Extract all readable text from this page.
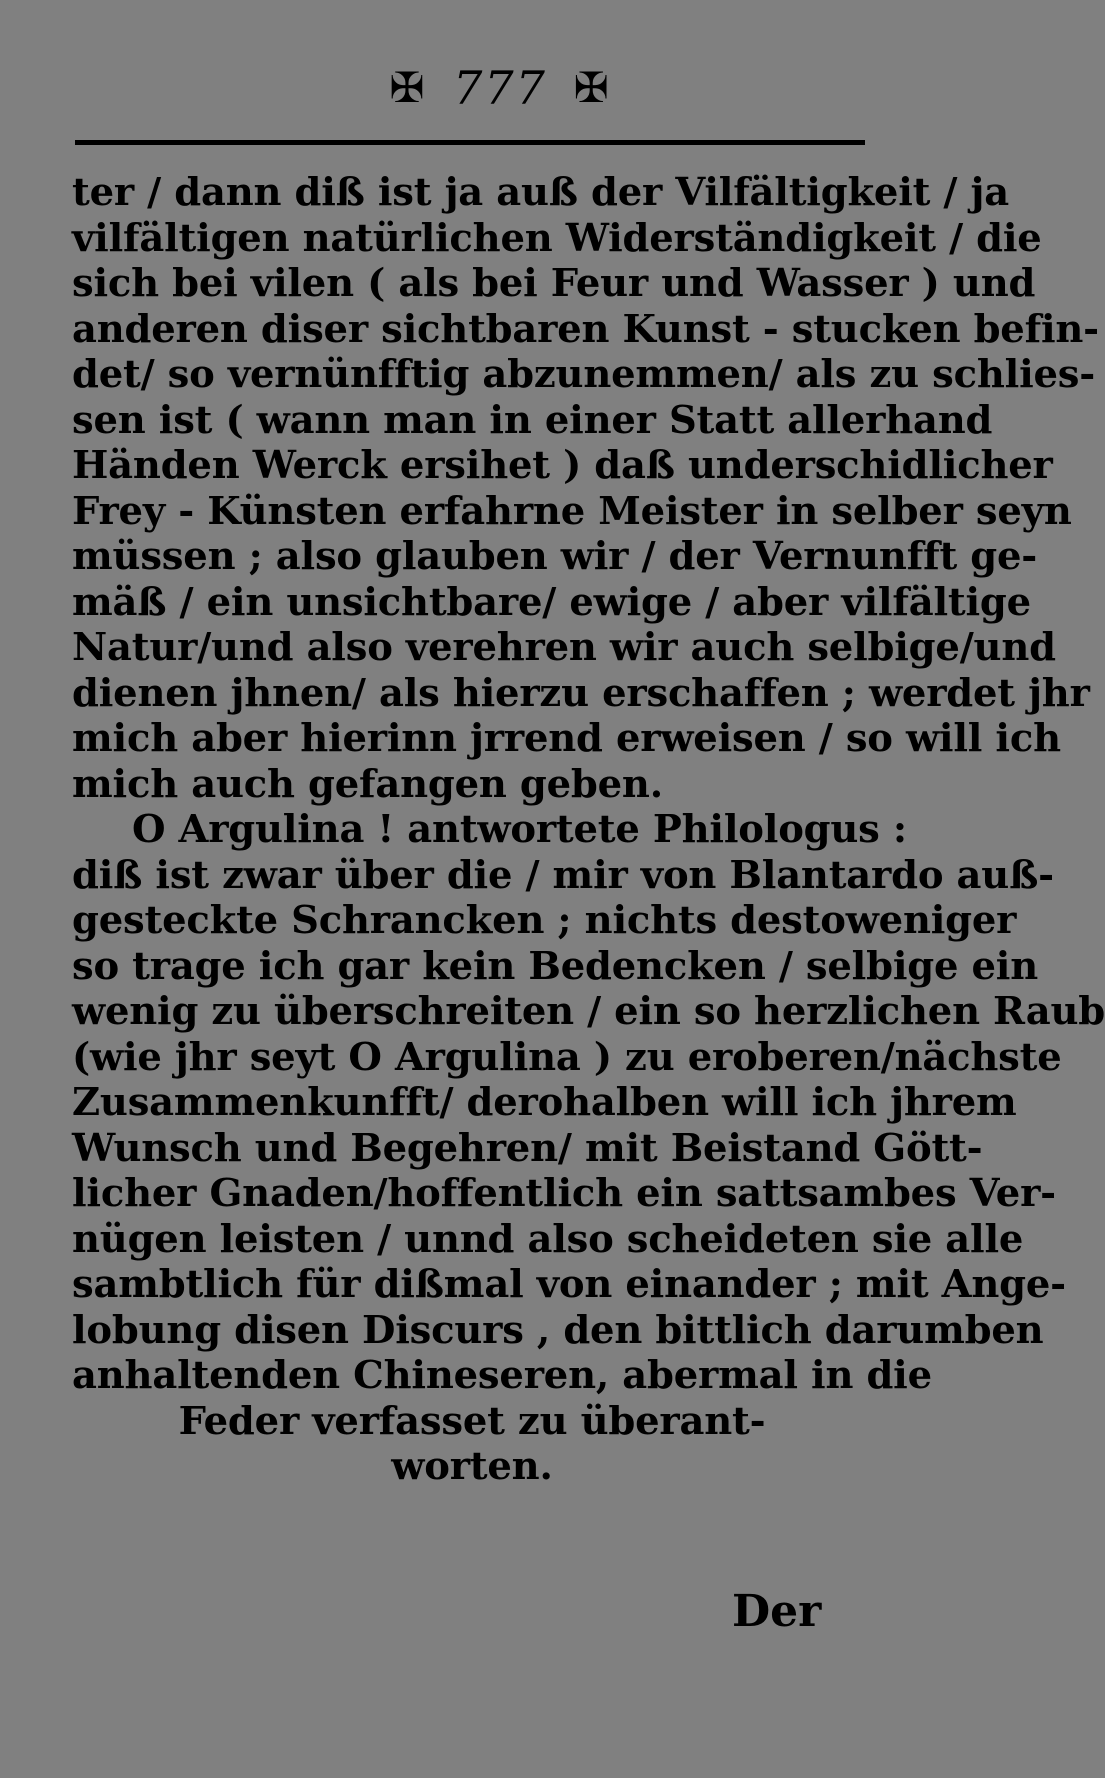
✠ 777 ✠
ter / dann diß ist ja auß der Vilfältigkeit / ja
vilfältigen natürlichen Widerständigkeit / die
sich bei vilen ( als bei Feur und Wasser ) und
anderen diser sichtbaren Kunst - stucken befin-
det/ so vernünfftig abzunemmen/ als zu schlies-
sen ist ( wann man in einer Statt allerhand
Händen Werck ersihet ) daß underschidlicher
Frey - Künsten erfahrne Meister in selber seyn
müssen ; also glauben wir / der Vernunfft ge-
mäß / ein unsichtbare/ ewige / aber vilfältige
Natur/und also verehren wir auch selbige/und
dienen jhnen/ als hierzu erschaffen ; werdet jhr
mich aber hierinn jrrend erweisen / so will ich
mich auch gefangen geben.
O Argulina ! antwortete Philologus :
diß ist zwar über die / mir von Blantardo auß-
gesteckte Schrancken ; nichts destoweniger
so trage ich gar kein Bedencken / selbige ein
wenig zu überschreiten / ein so herzlichen Raub
(wie jhr seyt O Argulina ) zu eroberen/nächste
Zusammenkunfft/ derohalben will ich jhrem
Wunsch und Begehren/ mit Beistand Gött-
licher Gnaden/hoffentlich ein sattsambes Ver-
nügen leisten / unnd also scheideten sie alle
sambtlich für dißmal von einander ; mit Ange-
lobung disen Discurs , den bittlich darumben
anhaltenden Chineseren, abermal in die
Feder verfasset zu überant-
worten.
Der
